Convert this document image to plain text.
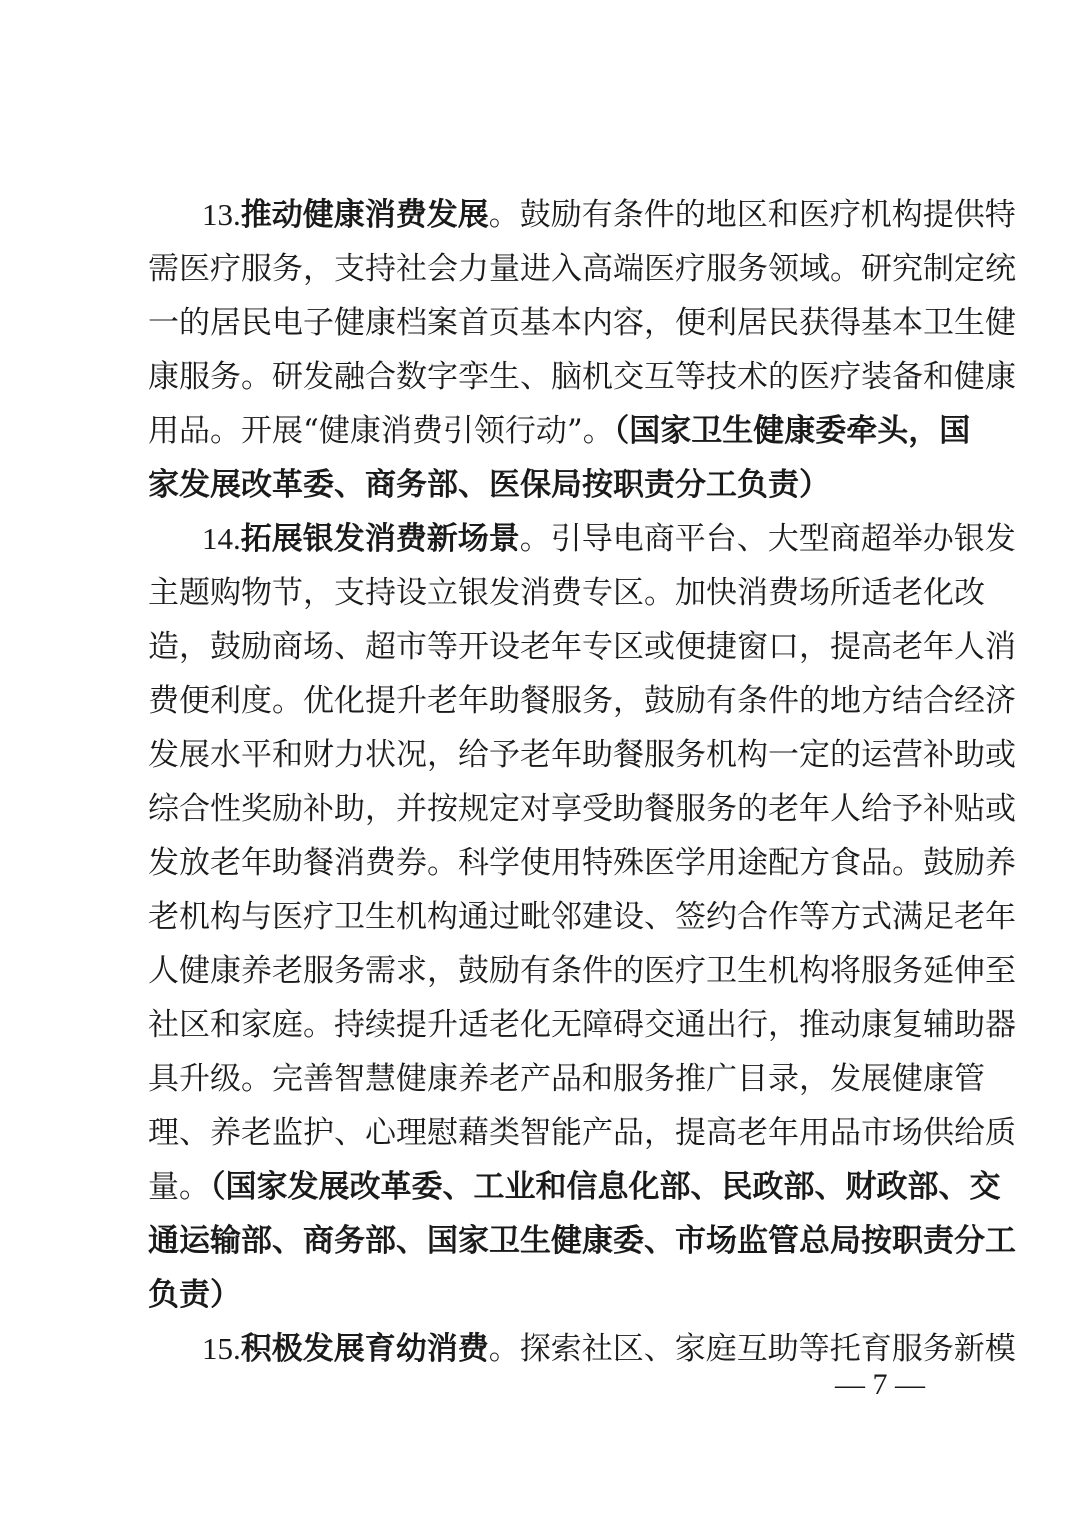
13.推动健康消费发展。鼓励有条件的地区和医疗机构提供特
需医疗服务，支持社会力量进入高端医疗服务领域。研究制定统
一的居民电子健康档案首页基本内容，便利居民获得基本卫生健
康服务。研发融合数字孪生、脑机交互等技术的医疗装备和健康
用品。开展“健康消费引领行动”。（国家卫生健康委牵头，国
家发展改革委、商务部、医保局按职责分工负责）
14.拓展银发消费新场景。引导电商平台、大型商超举办银发
主题购物节，支持设立银发消费专区。加快消费场所适老化改
造，鼓励商场、超市等开设老年专区或便捷窗口，提高老年人消
费便利度。优化提升老年助餐服务，鼓励有条件的地方结合经济
发展水平和财力状况，给予老年助餐服务机构一定的运营补助或
综合性奖励补助，并按规定对享受助餐服务的老年人给予补贴或
发放老年助餐消费券。科学使用特殊医学用途配方食品。鼓励养
老机构与医疗卫生机构通过毗邻建设、签约合作等方式满足老年
人健康养老服务需求，鼓励有条件的医疗卫生机构将服务延伸至
社区和家庭。持续提升适老化无障碍交通出行，推动康复辅助器
具升级。完善智慧健康养老产品和服务推广目录，发展健康管
理、养老监护、心理慰藉类智能产品，提高老年用品市场供给质
量。（国家发展改革委、工业和信息化部、民政部、财政部、交
通运输部、商务部、国家卫生健康委、市场监管总局按职责分工
负责）
15.积极发展育幼消费。探索社区、家庭互助等托育服务新模
— 7 —
